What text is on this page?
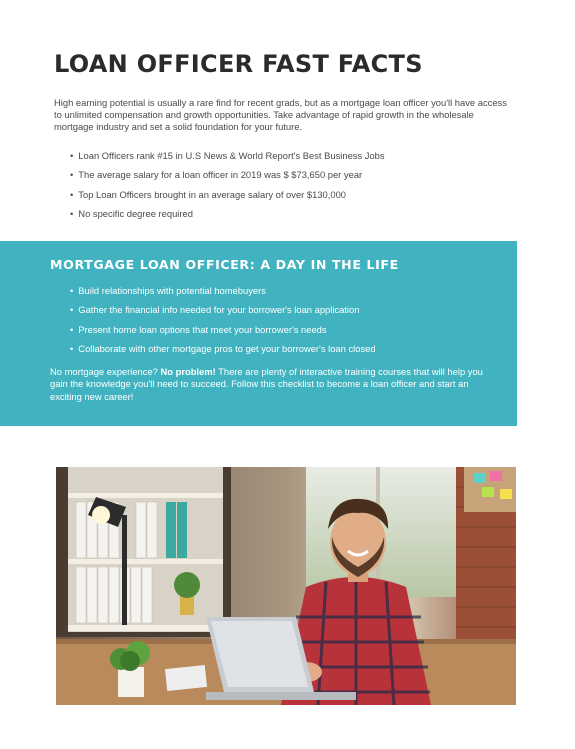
LOAN OFFICER FAST FACTS

High earning potential is usually a rare find for recent grads, but as a mortgage loan officer you'll have access to unlimited compensation and growth opportunities. Take advantage of rapid growth in the wholesale mortgage industry and set a solid foundation for your future.

• Loan Officers rank #15 in U.S News & World Report's Best Business Jobs
• The average salary for a loan officer in 2019 was $ $73,650 per year
• Top Loan Officers brought in an average salary of over $130,000
• No specific degree required
MORTGAGE LOAN OFFICER: A DAY IN THE LIFE
• Build relationships with potential homebuyers
• Gather the financial info needed for your borrower's loan application
• Present home loan options that meet your borrower's needs
• Collaborate with other mortgage pros to get your borrower's loan closed

No mortgage experience? No problem! There are plenty of interactive training courses that will help you gain the knowledge you'll need to succeed. Follow this checklist to become a loan officer and start an exciting new career!
